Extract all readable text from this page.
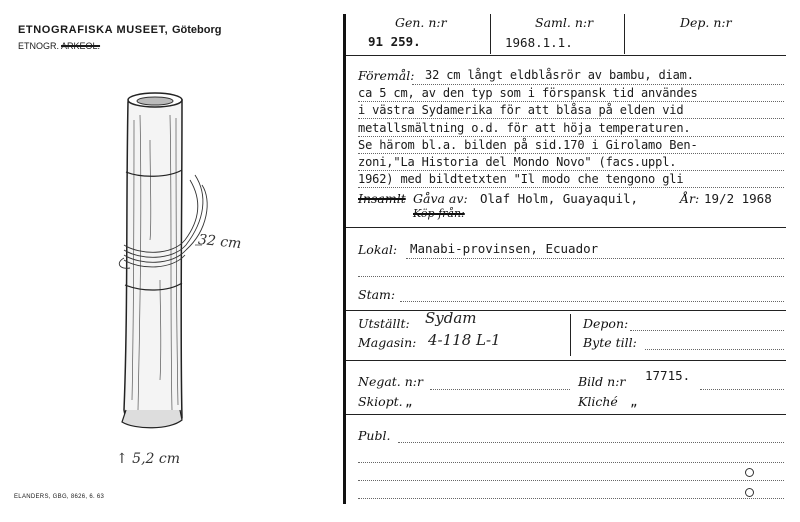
ETNOGRAFISKA MUSEET, Göteborg
ETNOGR. ARKEOL.
32 cm
↑ 5,2 cm
ELANDERS, GBG, 8626, 6. 63
Gen. n:r
91 259.
Saml. n:r
1968.1.1.
Dep. n:r
Föremål: 32 cm långt eldblåsrör av bambu, diam.
ca 5 cm, av den typ som i förspansk tid användes
i västra Sydamerika för att blåsa på elden vid
metallsmältning o.d. för att höja temperaturen.
Se härom bl.a. bilden på sid.170 i Girolamo Ben-
zoni,"La Historia del Mondo Novo" (facs.uppl.
1962) med bildtetxten "Il modo che tengono gli
Insamlt Gåva av: Olaf Holm, Guayaquil,	År: 19/2 1968
Köp från:
Lokal: Manabi-provinsen, Ecuador
Stam:
Utställt: Sydam
Magasin: 4-118 L-1
Depon:
Byte till:
Negat. n:r	Bild n:r 17715.
Skiopt. „	Kliché „
Publ.
